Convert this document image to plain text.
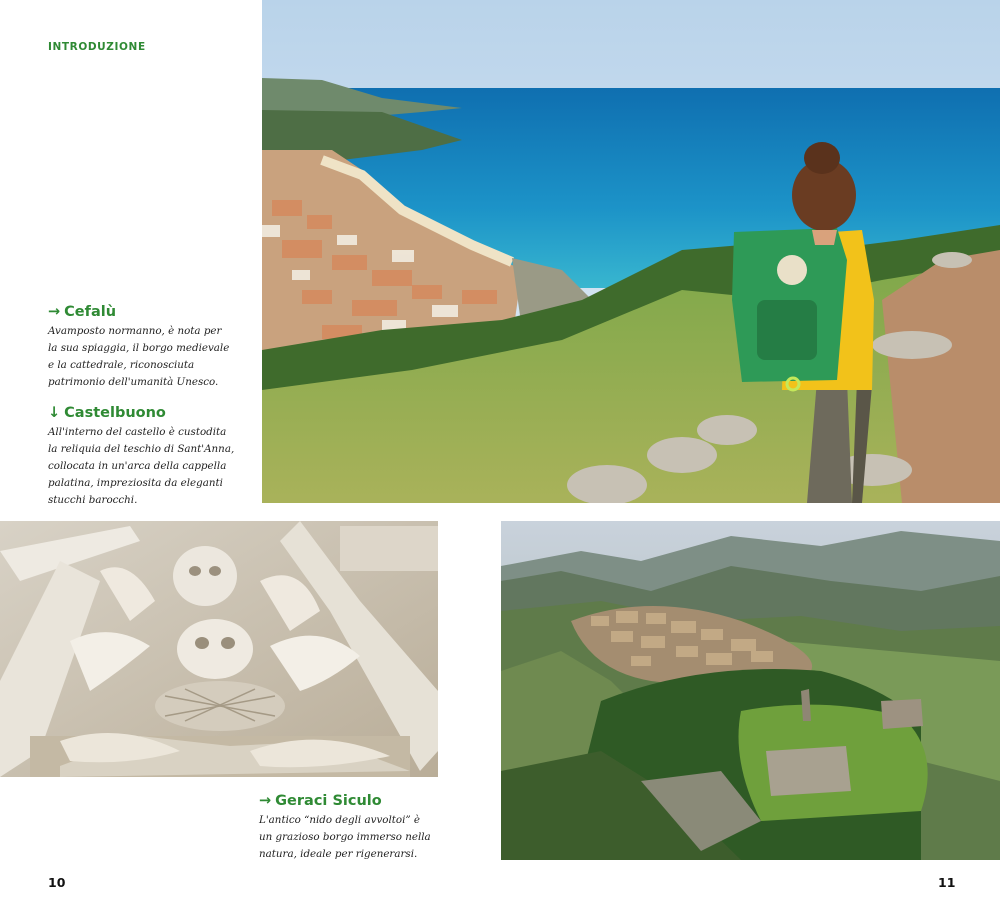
INTRODUZIONE

→ Cefalù

Avamposto normanno, è nota per
la sua spiaggia, il borgo medievale
e la cattedrale, riconosciuta
patrimonio dell'umanità Unesco.

↓ Castelbuono

All'interno del castello è custodita
la reliquia del teschio di Sant'Anna,
collocata in un'arca della cappella
palatina, impreziosita da eleganti
stucchi barocchi.

→ Geraci Siculo

L'antico “nido degli avvoltoi” è
un grazioso borgo immerso nella
natura, ideale per rigenerarsi.

10	11
